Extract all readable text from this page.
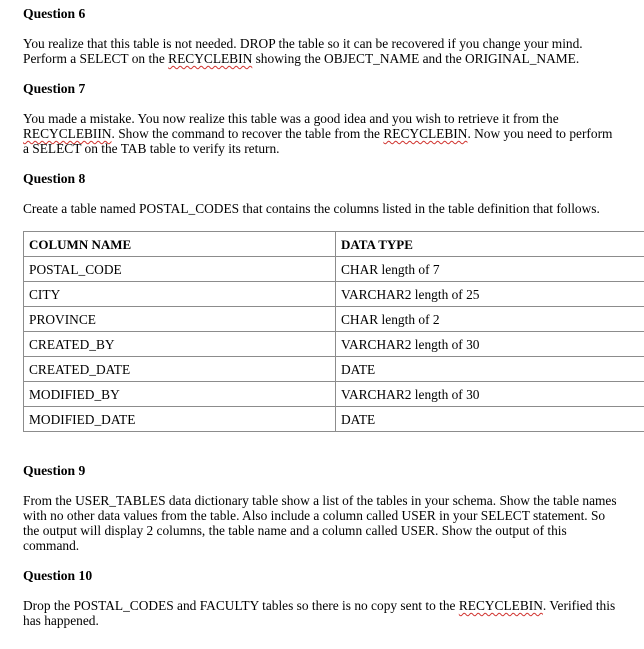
Question 6
You realize that this table is not needed. DROP the table so it can be recovered if you change your mind.
Perform a SELECT on the RECYCLEBIN showing the OBJECT_NAME and the ORIGINAL_NAME.
Question 7
You made a mistake. You now realize this table was a good idea and you wish to retrieve it from the
RECYCLEBIIN. Show the command to recover the table from the RECYCLEBIN. Now you need to perform
a SELECT on the TAB table to verify its return.
Question 8
Create a table named POSTAL_CODES that contains the columns listed in the table definition that follows.
COLUMN NAME	DATA TYPE
POSTAL_CODE	CHAR length of 7
CITY	VARCHAR2 length of 25
PROVINCE	CHAR length of 2
CREATED_BY	VARCHAR2 length of 30
CREATED_DATE	DATE
MODIFIED_BY	VARCHAR2 length of 30
MODIFIED_DATE	DATE
Question 9
From the USER_TABLES data dictionary table show a list of the tables in your schema. Show the table names
with no other data values from the table. Also include a column called USER in your SELECT statement. So
the output will display 2 columns, the table name and a column called USER. Show the output of this
command.
Question 10
Drop the POSTAL_CODES and FACULTY tables so there is no copy sent to the RECYCLEBIN. Verified this
has happened.
